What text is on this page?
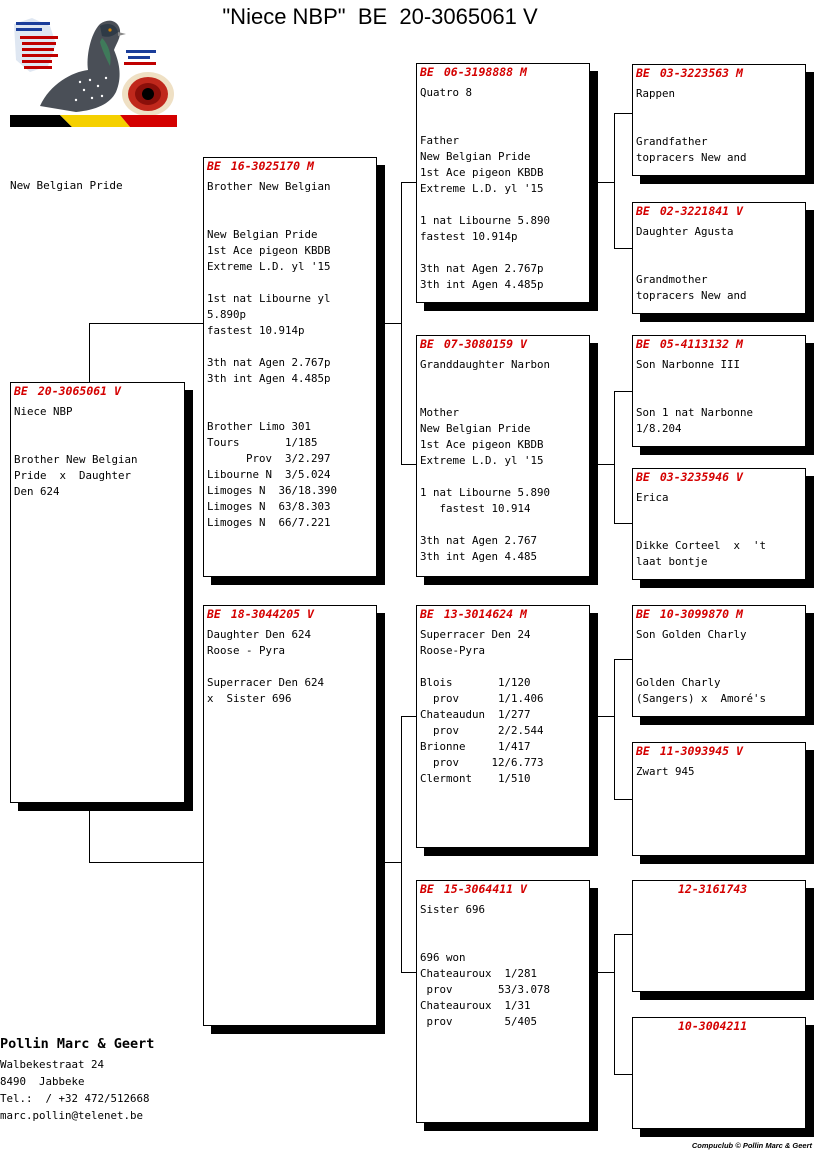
"Niece NBP"  BE  20-3065061 V
New Belgian Pride
BE 20-3065061 V
Niece NBP
Brother New Belgian
Pride  x  Daughter
Den 624
BE 16-3025170 M
Brother New Belgian
New Belgian Pride
1st Ace pigeon KBDB
Extreme L.D. yl '15
1st nat Libourne yl
5.890p
fastest 10.914p
3th nat Agen 2.767p
3th int Agen 4.485p
Brother Limo 301
Tours       1/185
Prov  3/2.297
Libourne N  3/5.024
Limoges N  36/18.390
Limoges N  63/8.303
Limoges N  66/7.221
BE 18-3044205 V
Daughter Den 624
Roose - Pyra
Superracer Den 624
x  Sister 696
BE 06-3198888 M
Quatro 8
Father
New Belgian Pride
1st Ace pigeon KBDB
Extreme L.D. yl '15
1 nat Libourne 5.890
fastest 10.914p
3th nat Agen 2.767p
3th int Agen 4.485p
BE 07-3080159 V
Granddaughter Narbon
Mother
New Belgian Pride
1st Ace pigeon KBDB
Extreme L.D. yl '15
1 nat Libourne 5.890
fastest 10.914
3th nat Agen 2.767
3th int Agen 4.485
BE 13-3014624 M
Superracer Den 24
Roose-Pyra
Blois       1/120
prov      1/1.406
Chateaudun  1/277
prov      2/2.544
Brionne     1/417
prov     12/6.773
Clermont    1/510
BE 15-3064411 V
Sister 696
696 won
Chateauroux  1/281
prov       53/3.078
Chateauroux  1/31
prov        5/405
BE 03-3223563 M
Rappen
Grandfather
topracers New and
BE 02-3221841 V
Daughter Agusta
Grandmother
topracers New and
BE 05-4113132 M
Son Narbonne III
Son 1 nat Narbonne
1/8.204
BE 03-3235946 V
Erica
Dikke Corteel  x  't
laat bontje
BE 10-3099870 M
Son Golden Charly
Golden Charly
(Sangers) x  Amoré's
BE 11-3093945 V
Zwart 945
12-3161743
10-3004211
Pollin Marc & Geert
Walbekestraat 24
8490  Jabbeke
Tel.:  / +32 472/512668
marc.pollin@telenet.be
Compuclub © Pollin Marc & Geert
